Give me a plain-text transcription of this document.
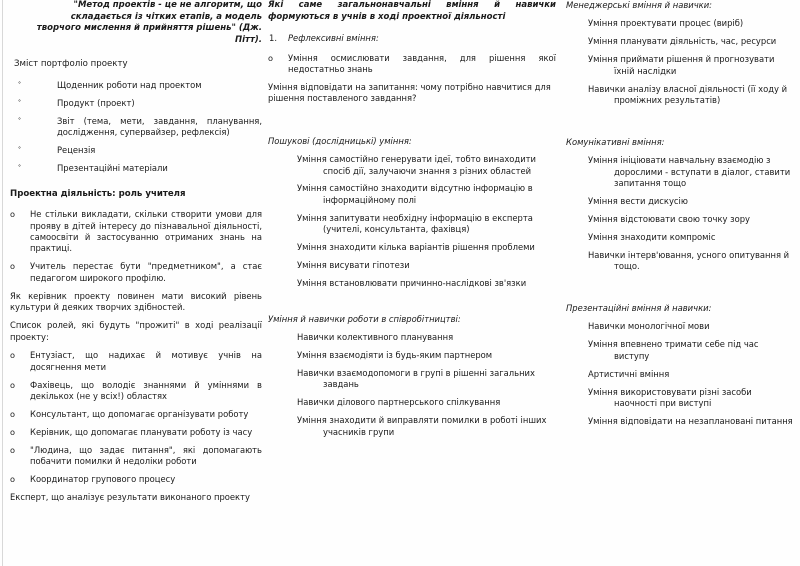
"Метод проектів - це не алгоритм, що складається із чітких етапів, а модель творчого мислення й прийняття рішень" (Дж. Пітт).
Зміст портфоліо проекту
°	Щоденник роботи над проектом
°	Продукт (проект)
°	Звіт (тема, мети, завдання, планування, дослідження, супервайзер, рефлексія)
°	Рецензія
°	Презентаційні матеріали
Проектна діяльність: роль учителя
o Не стільки викладати, скільки створити умови для прояву в дітей інтересу до пізнавальної діяльності, самоосвіти й застосуванню отриманих знань на практиці.
o Учитель перестає бути "предметником", а стає педагогом широкого профілю.
Як керівник проекту повинен мати високий рівень культури й деяких творчих здібностей.
Список ролей, які будуть "прожиті" в ході реалізації проекту:
o Ентузіаст, що надихає й мотивує учнів на досягнення мети
o Фахівець, що володіє знаннями й уміннями в декількох (не у всіх!) областях
o Консультант, що допомагає організувати роботу
o Керівник, що допомагає планувати роботу із часу
o "Людина, що задає питання", які допомагають побачити помилки й недоліки роботи
o Координатор групового процесу
Експерт, що аналізує результати виконаного проекту
Які саме загальнонавчальні вміння й навички формуються в учнів в ході проектної діяльності
1. Рефлексивні вміння:
o Уміння осмислювати завдання, для рішення якої недостатньо знань
Уміння відповідати на запитання: чому потрібно навчитися для рішення поставленого завдання?
Пошукові (дослідницькі) уміння:
Уміння самостійно генерувати ідеї, тобто винаходити спосіб дії, залучаючи знання з різних областей
Уміння самостійно знаходити відсутню інформацію в інформаційному полі
Уміння запитувати необхідну інформацію в експерта (учителі, консультанта, фахівця)
Уміння знаходити кілька варіантів рішення проблеми
Уміння висувати гіпотези
Уміння встановлювати причинно-наслідкові зв'язки
Уміння й навички роботи в співробітництві:
Навички колективного планування
Уміння взаємодіяти із будь-яким партнером
Навички взаємодопомоги в групі в рішенні загальних завдань
Навички ділового партнерського спілкування
Уміння знаходити й виправляти помилки в роботі інших учасників групи
Менеджерські вміння й навички:
Уміння проектувати процес (виріб)
Уміння планувати діяльність, час, ресурси
Уміння приймати рішення й прогнозувати їхній наслідки
Навички аналізу власної діяльності (її ходу й проміжних результатів)
Комунікативні вміння:
Уміння ініціювати навчальну взаємодію з дорослими - вступати в діалог, ставити запитання тощо
Уміння вести дискусію
Уміння відстоювати свою точку зору
Уміння знаходити компроміс
Навички інтерв'ювання, усного опитування й тощо.
Презентаційні вміння й навички:
Навички монологічної мови
Уміння впевнено тримати себе під час виступу
Артистичні вміння
Уміння використовувати різні засоби наочності при виступі
Уміння відповідати на незаплановані питання
